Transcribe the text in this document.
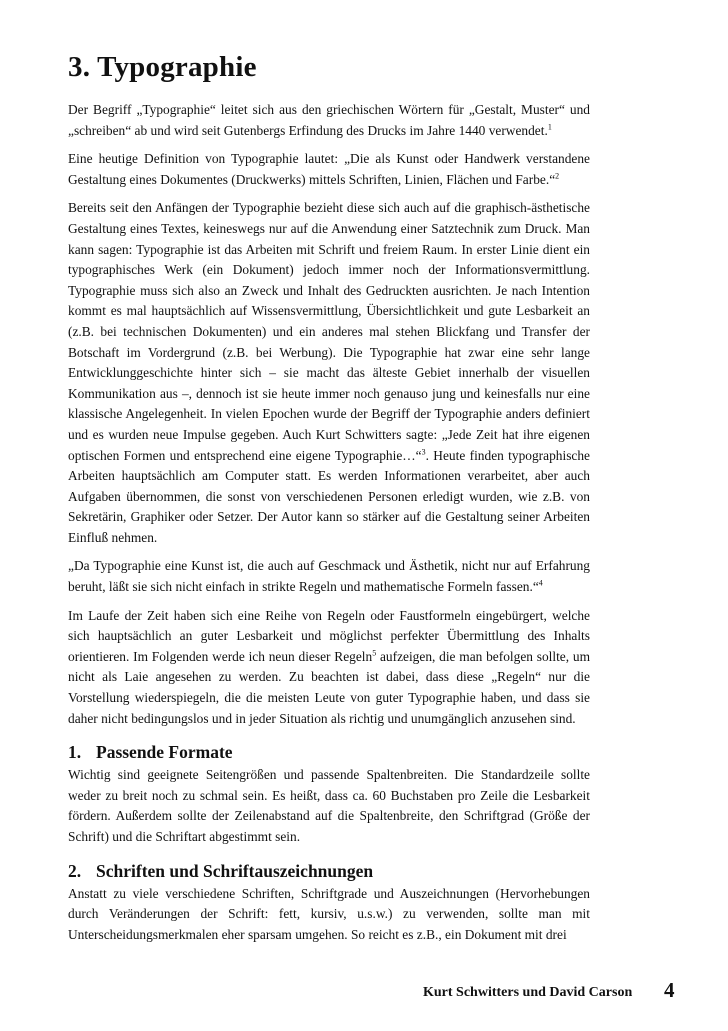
3. Typographie

Der Begriff „Typographie“ leitet sich aus den griechischen Wörtern für „Gestalt, Muster“ und „schreiben“ ab und wird seit Gutenbergs Erfindung des Drucks im Jahre 1440 verwendet.$^1$

Eine heutige Definition von Typographie lautet: „Die als Kunst oder Handwerk verstandene Gestaltung eines Dokumentes (Druckwerks) mittels Schriften, Linien, Flächen und Farbe.“$^2$

Bereits seit den Anfängen der Typographie bezieht diese sich auch auf die graphisch-ästhetische Gestaltung eines Textes, keineswegs nur auf die Anwendung einer Satztechnik zum Druck. Man kann sagen: Typographie ist das Arbeiten mit Schrift und freiem Raum. In erster Linie dient ein typographisches Werk (ein Dokument) jedoch immer noch der Informationsvermittlung. Typographie muss sich also an Zweck und Inhalt des Gedruckten ausrichten. Je nach Intention kommt es mal hauptsächlich auf Wissensvermittlung, Übersichtlichkeit und gute Lesbarkeit an (z.B. bei technischen Dokumenten) und ein anderes mal stehen Blickfang und Transfer der Botschaft im Vordergrund (z.B. bei Werbung). Die Typographie hat zwar eine sehr lange Entwicklunggeschichte hinter sich – sie macht das älteste Gebiet innerhalb der visuellen Kommunikation aus –, dennoch ist sie heute immer noch genauso jung und keinesfalls nur eine klassische Angelegenheit. In vielen Epochen wurde der Begriff der Typographie anders definiert und es wurden neue Impulse gegeben. Auch Kurt Schwitters sagte: „Jede Zeit hat ihre eigenen optischen Formen und entsprechend eine eigene Typographie…“$^3$. Heute finden typographische Arbeiten hauptsächlich am Computer statt. Es werden Informationen verarbeitet, aber auch Aufgaben übernommen, die sonst von verschiedenen Personen erledigt wurden, wie z.B. von Sekretärin, Graphiker oder Setzer. Der Autor kann so stärker auf die Gestaltung seiner Arbeiten Einfluß nehmen.

„Da Typographie eine Kunst ist, die auch auf Geschmack und Ästhetik, nicht nur auf Erfahrung beruht, läßt sie sich nicht einfach in strikte Regeln und mathematische Formeln fassen.“$^4$

Im Laufe der Zeit haben sich eine Reihe von Regeln oder Faustformeln eingebürgert, welche sich hauptsächlich an guter Lesbarkeit und möglichst perfekter Übermittlung des Inhalts orientieren. Im Folgenden werde ich neun dieser Regeln$^5$ aufzeigen, die man befolgen sollte, um nicht als Laie angesehen zu werden. Zu beachten ist dabei, dass diese „Regeln“ nur die Vorstellung wiederspiegeln, die die meisten Leute von guter Typographie haben, und dass sie daher nicht bedingungslos und in jeder Situation als richtig und unumgänglich anzusehen sind.

1. Passende Formate

Wichtig sind geeignete Seitengrößen und passende Spaltenbreiten. Die Standardzeile sollte weder zu breit noch zu schmal sein. Es heißt, dass ca. 60 Buchstaben pro Zeile die Lesbarkeit fördern. Außerdem sollte der Zeilenabstand auf die Spaltenbreite, den Schriftgrad (Größe der Schrift) und die Schriftart abgestimmt sein.

2. Schriften und Schriftauszeichnungen

Anstatt zu viele verschiedene Schriften, Schriftgrade und Auszeichnungen (Hervorhebungen durch Veränderungen der Schrift: fett, kursiv, u.s.w.) zu verwenden, sollte man mit Unterscheidungsmerkmalen eher sparsam umgehen. So reicht es z.B., ein Dokument mit drei

Kurt Schwitters und David Carson 4
